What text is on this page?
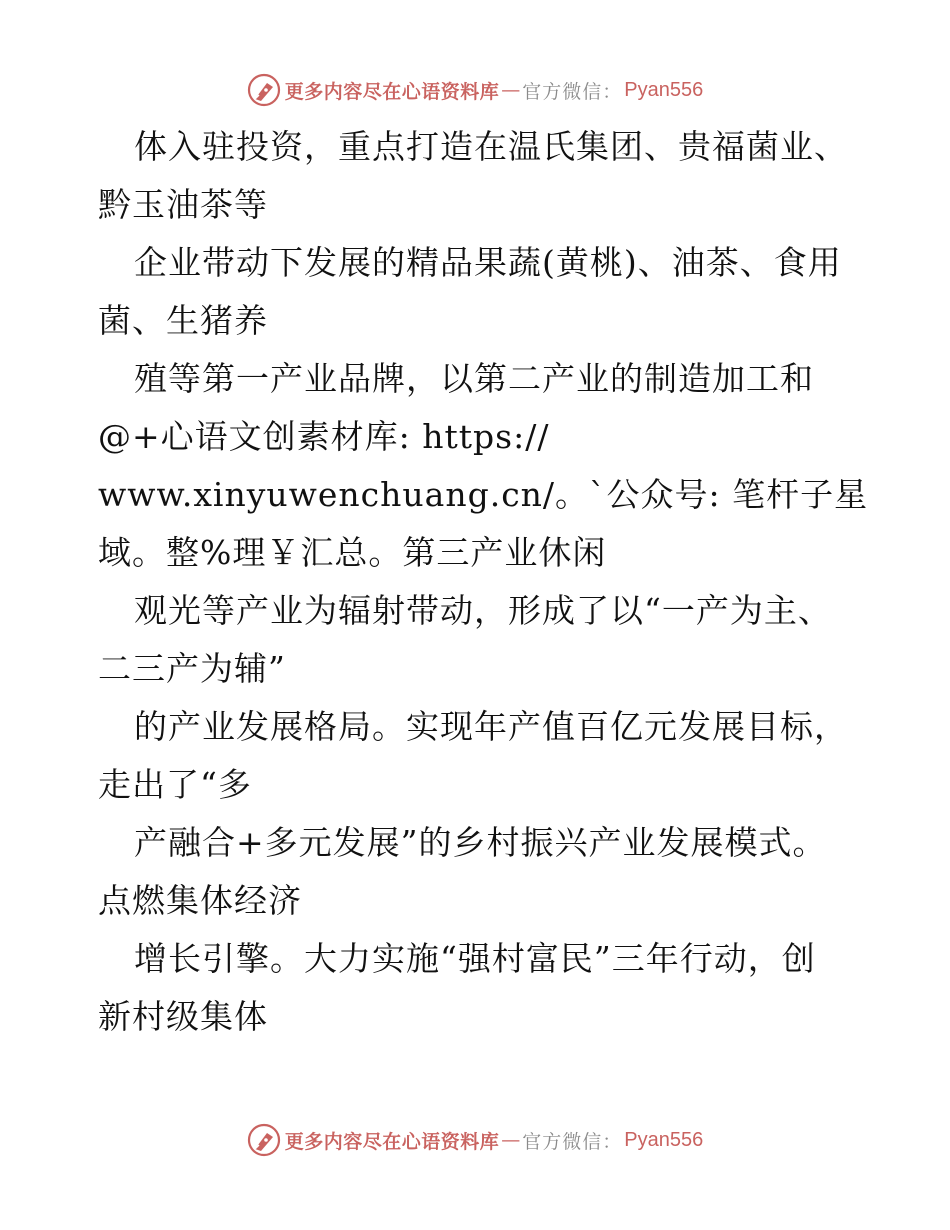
更多内容尽在心语资料库 — 官方微信： Pyan556
体入驻投资，重点打造在温氏集团、贵福菌业、
黔玉油茶等
企业带动下发展的精品果蔬(黄桃)、油茶、食用
菌、生猪养
殖等第一产业品牌，以第二产业的制造加工和
@+心语文创素材库: https://
www.xinyuwenchuang.cn/。`公众号: 笔杆子星
域。整%理￥汇总。第三产业休闲
观光等产业为辐射带动，形成了以“一产为主、
二三产为辅”
的产业发展格局。实现年产值百亿元发展目标，
走出了“多
产融合+多元发展”的乡村振兴产业发展模式。
点燃集体经济
增长引擎。大力实施“强村富民”三年行动，创
新村级集体
更多内容尽在心语资料库 — 官方微信： Pyan556
